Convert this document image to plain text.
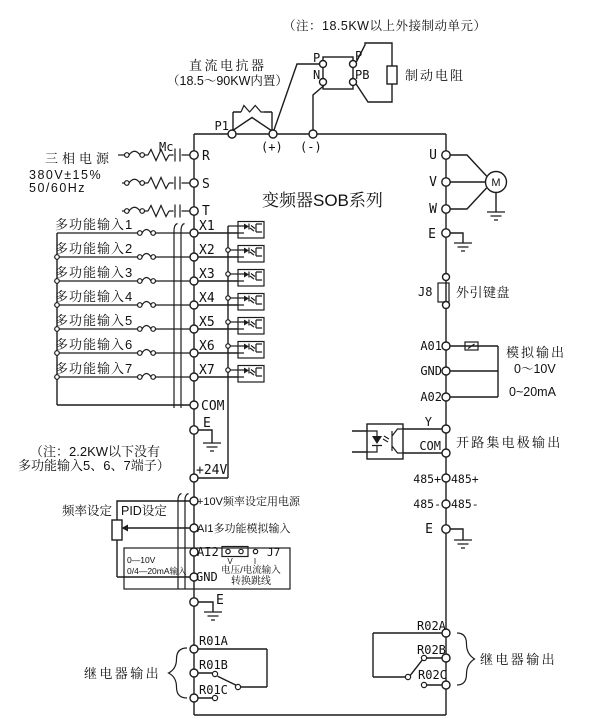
（注：18.5KW以上外接制动单元）
直流电抗器
（18.5～90KW内置）
P
N
P
PB	制动电阻
P1
(+) (-)
Mc
三相电源
380V±15%
50/60Hz
R
S
T
变频器SOB系列
多功能输入1
多功能输入2
多功能输入3
多功能输入4
多功能输入5
多功能输入6
多功能输入7
X1
X2
X3
X4
X5
X6
X7
COM
E
（注：2.2KW以下没有
多功能输入5、6、7端子） +24V
+10V频率设定用电源
AI1多功能模拟输入
频率设定 PID设定
AI2
GND
0—10V
0/4—20mA输入
V	I
J7
电压/电流输入
转换跳线
E
R01A
R01B
R01C
继电器输出
U
V
W
M
E
J8 外引键盘
A01
GND
A02
模拟输出
0～10V
0~20mA
Y
COM 开路集电极输出
485+ 485+
485- 485-
E
R02A
R02B
R02C
继电器输出
